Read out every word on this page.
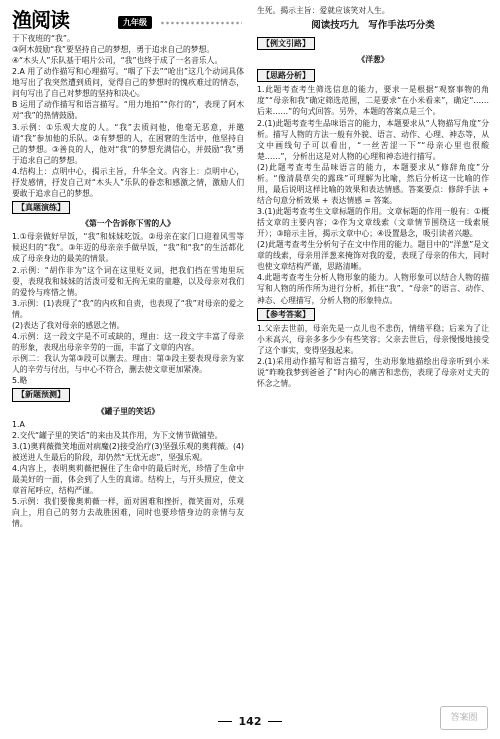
渔阅读	九年级

于下夜班的“我”。

③阿木鼓励“我”要坚持自己的梦想，勇于追求自己的梦想。

④“木头人”乐队基于唱片公司，“我”也终于成了一名音乐人。

2.A 用了动作描写和心理描写。“咽了下去”“呛出”这几个动词具体地写出了我突然遭到质问，觉得自己的梦想时的愧疚难过的情态，问句写出了自己对梦想的坚持和决心。

B 运用了动作描写和语言描写。“用力地拍”“你行的”，表现了阿木对“我”的热情鼓励。

3.示例：①乐观大度的人。“我”去质问他，他毫无恶意，并邀请“我”参加他的乐队。②有梦想的人，在困窘的生活中，他坚持自己的梦想。③善良的人，他对“我”的梦想充满信心，并鼓励“我”勇于追求自己的梦想。

4.结构上：点明中心，揭示主旨，升华全文。内容上：点明中心，抒发感情，抒发自己对“木头人”乐队的眷恋和感激之情，激励人们要敢于追求自己的梦想。

【真题演练】
《第一个告诉你下雪的人》

1.①母亲做好早饭，“我”和妹妹吃饭。②母亲在家门口迎着风雪等候迟归的“我”。③年迈的母亲亲手做早饭，“我”和“我”的生活都化成了母亲身边的最美的情景。

2.示例：“胡作非为”这个词在这里贬义词，把我们挡在雪地里玩耍，表现我和妹妹的活泼可爱和无拘无束的童趣，以及母亲对我们的爱怜与疼惜之情。

3.示例：(1)表现了“我”的内疚和自责，也表现了“我”对母亲的爱之情。

(2)表达了我对母亲的感恩之情。

4.示例：这一段文字是不可或缺的，理由：这一段文字丰富了母亲的形象，表现出母亲辛劳的一面，丰富了文章的内容。

示例二：我认为第③段可以删去。理由：第③段主要表现母亲为家人的辛劳与付出，与中心不符合，删去使文章更加紧凑。

5.略

【新题预测】
《罐子里的笑话》

1.A

2.交代“罐子里的笑话”的来由及其作用，为下文情节做铺垫。

3.(1)奥莉薇微笑地面对病魔(2)接受治疗(3)坚强乐观的奥莉薇。(4)被送进人生最后的阶段，却仍然“无忧无虑”，坚强乐观。

4.内容上，表明奥莉薇把握住了生命中的最后时光，珍惜了生命中最美好的一面，体会到了人生的真谛。结构上，与开头照应，使文章首尾呼应，结构严谨。

5.示例：我们要像奥莉薇一样，面对困难和挫折，微笑面对，乐观向上，用自己的努力去战胜困难，同时也要珍惜身边的亲情与友情。

生死。揭示主旨：爱就应该笑对人生。

阅读技巧九　写作手法巧分类
【例文引路】
《洋葱》
【思路分析】

1.此题考查考生筛选信息的能力，要求一是根据“观察事物的角度”“母亲和我”确定筛选范围，二是要求“在小米看来”，确定“……后来……”的句式回答。另外，本题的答案点是三个。

2.(1)此题考查考生品味语言的能力，本题要求从“人物描写角度”分析。描写人物的方法一般有外貌、语言、动作、心理、神态等，从文中画线句子可以看出，“一丝苦涩一下”“母亲心里也很酸楚……”，分析出这是对人物的心理和神态进行描写。

(2)此题考查考生品味语言的能力，本题要求从“修辞角度”分析。“像清晨草尖的露珠”可理解为比喻，然后分析这一比喻的作用，最后说明这样比喻的效果和表达情感。答案要点：修辞手法 + 结合句意分析效果 + 表达情感 = 答案。

3.(1)此题考查考生文章标题的作用。文章标题的作用一般有：①概括文章的主要内容；②作为文章线索（文章情节围绕这一线索展开）；③暗示主旨，揭示文章中心；④设置悬念，吸引读者兴趣。

(2)此题考查考生分析句子在文中作用的能力。题目中的“洋葱”是文章的线索，母亲用洋葱来掩饰对我的爱，表现了母亲的伟大，同时也使文章结构严谨，思路清晰。

4.此题考查考生分析人物形象的能力。人物形象可以结合人物的描写和人物的所作所为进行分析，抓住“我”、“母亲”的语言、动作、神态、心理描写，分析人物的形象特点。

【参考答案】

1.父亲去世前，母亲先是一点儿也不悲伤，情绪平稳；后来为了让小米高兴，母亲多多少少有些笑容；父亲去世后，母亲慢慢地接受了这个事实，变得坚强起来。

2.(1)采用动作描写和语言描写，生动形象地描绘出母亲听到小米说“昨晚我梦到爸爸了”时内心的痛苦和悲伤，表现了母亲对丈夫的怀念之情。

142	答案圈
